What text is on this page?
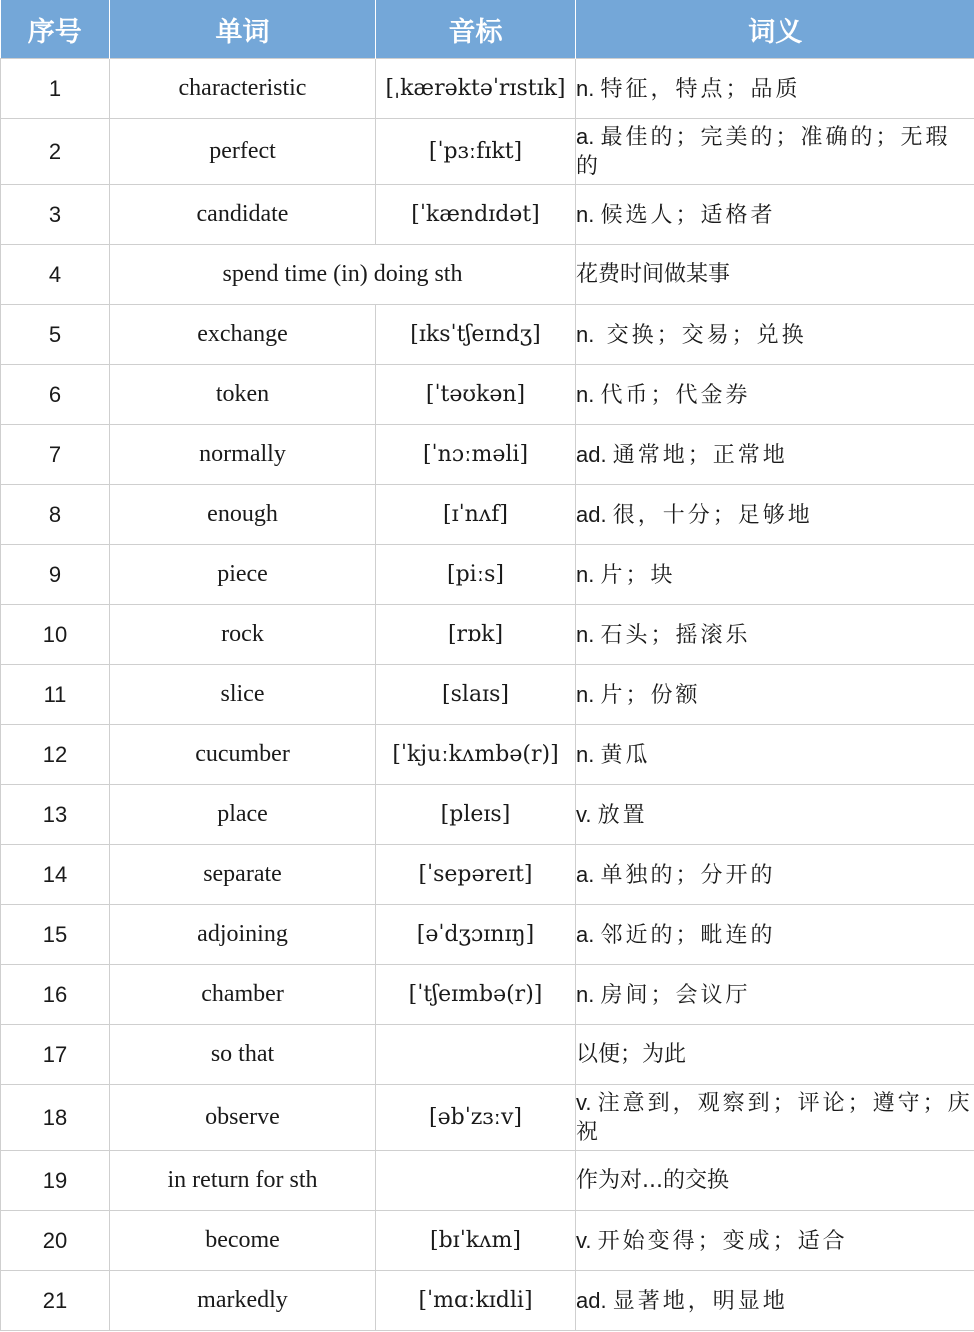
序号	单词	音标	词义
1	characteristic	[ˌkærəktəˈrɪstɪk]	n. 特征，特点；品质
2	perfect	[ˈpɜːfɪkt]	a. 最佳的；完美的；准确的；无瑕的
3	candidate	[ˈkændɪdət]	n. 候选人；适格者
4	spend time (in) doing sth		花费时间做某事
5	exchange	[ɪksˈtʃeɪndʒ]	n.  交换；交易；兑换
6	token	[ˈtəʊkən]	n. 代币；代金券
7	normally	[ˈnɔːməli]	ad. 通常地；正常地
8	enough	[ɪˈnʌf]	ad. 很，十分；足够地
9	piece	[piːs]	n. 片；块
10	rock	[rɒk]	n. 石头；摇滚乐
11	slice	[slaɪs]	n. 片；份额
12	cucumber	[ˈkjuːkʌmbə(r)]	n. 黄瓜
13	place	[pleɪs]	v. 放置
14	separate	[ˈsepəreɪt]	a. 单独的；分开的
15	adjoining	[əˈdʒɔɪnɪŋ]	a. 邻近的；毗连的
16	chamber	[ˈtʃeɪmbə(r)]	n. 房间；会议厅
17	so that		以便；为此
18	observe	[əbˈzɜːv]	v. 注意到，观察到；评论；遵守；庆祝
19	in return for sth		作为对...的交换
20	become	[bɪˈkʌm]	v. 开始变得；变成；适合
21	markedly	[ˈmɑːkɪdli]	ad. 显著地，明显地
